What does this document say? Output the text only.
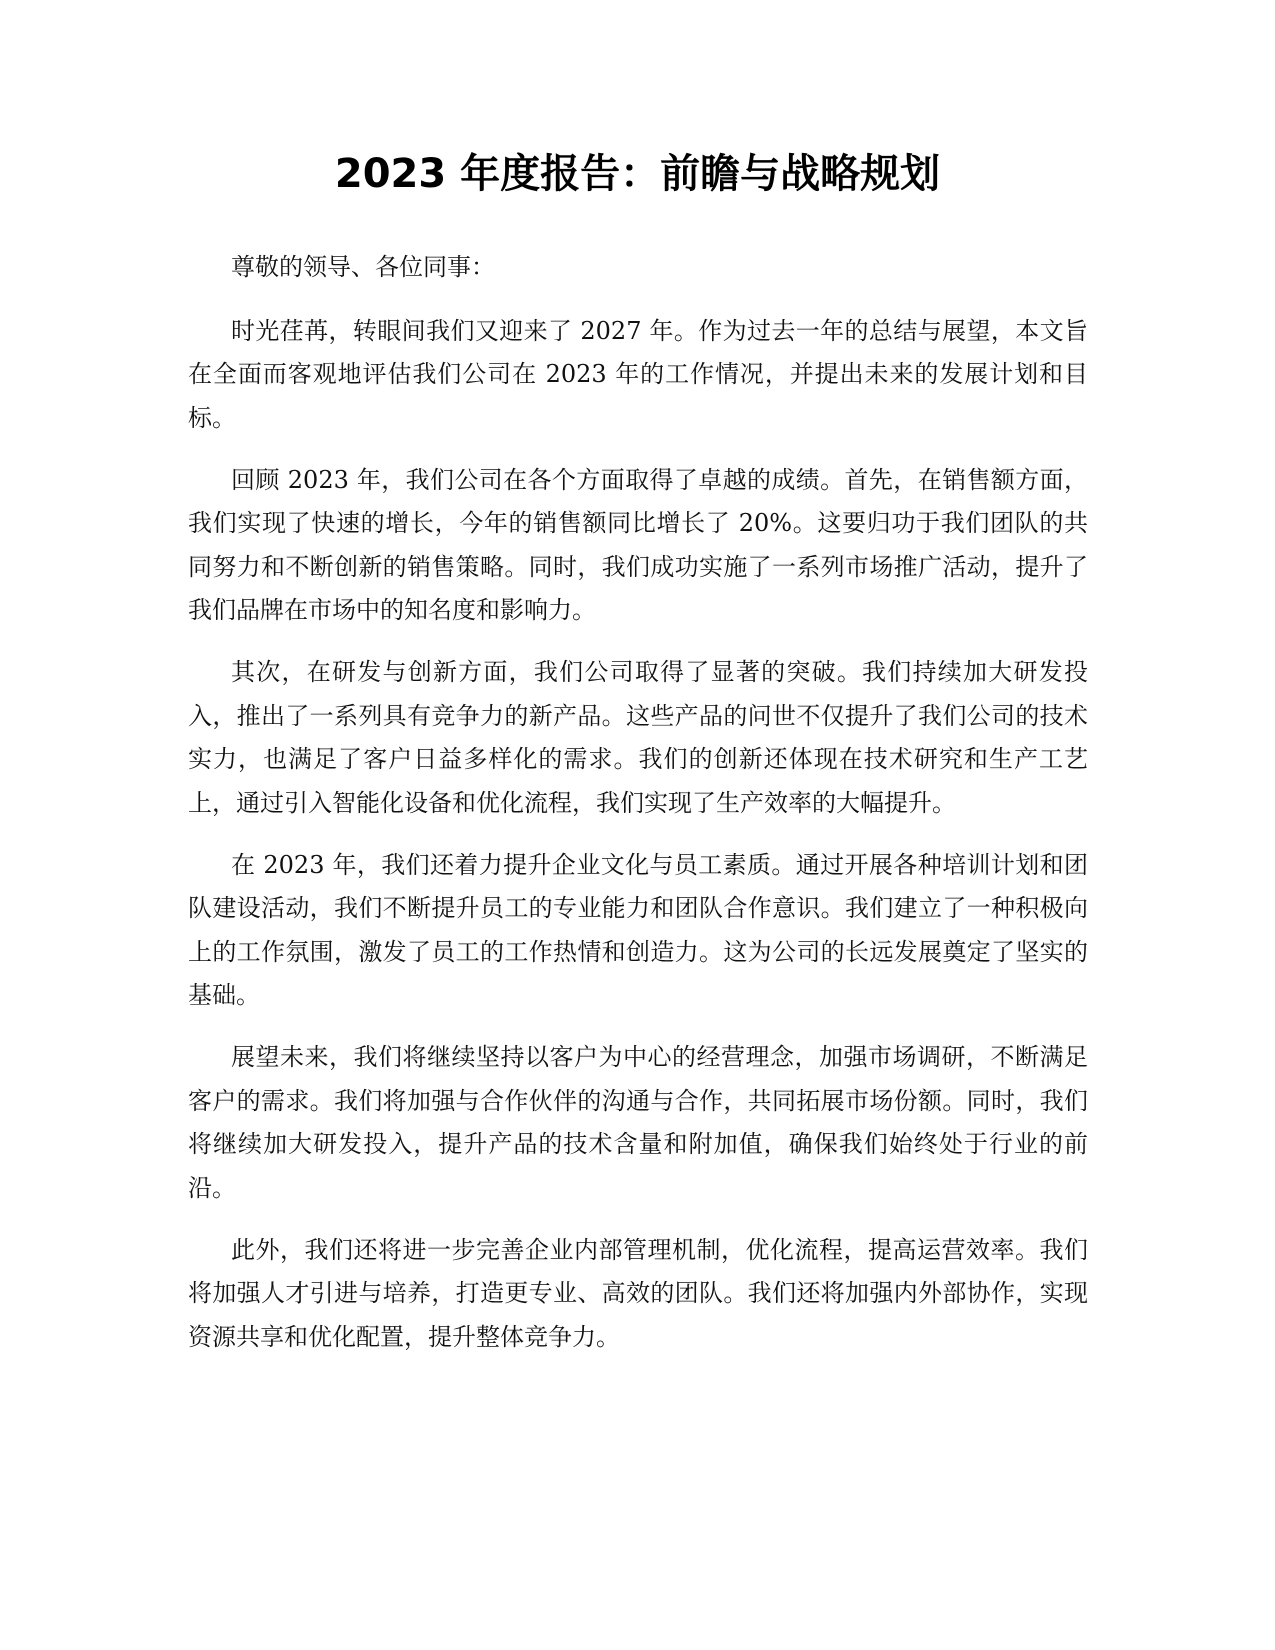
2023 年度报告：前瞻与战略规划

尊敬的领导、各位同事：

时光荏苒，转眼间我们又迎来了 2027 年。作为过去一年的总结与展望，本文旨在全面而客观地评估我们公司在 2023 年的工作情况，并提出未来的发展计划和目标。

回顾 2023 年，我们公司在各个方面取得了卓越的成绩。首先，在销售额方面，我们实现了快速的增长，今年的销售额同比增长了 20%。这要归功于我们团队的共同努力和不断创新的销售策略。同时，我们成功实施了一系列市场推广活动，提升了我们品牌在市场中的知名度和影响力。

其次，在研发与创新方面，我们公司取得了显著的突破。我们持续加大研发投入，推出了一系列具有竞争力的新产品。这些产品的问世不仅提升了我们公司的技术实力，也满足了客户日益多样化的需求。我们的创新还体现在技术研究和生产工艺上，通过引入智能化设备和优化流程，我们实现了生产效率的大幅提升。

在 2023 年，我们还着力提升企业文化与员工素质。通过开展各种培训计划和团队建设活动，我们不断提升员工的专业能力和团队合作意识。我们建立了一种积极向上的工作氛围，激发了员工的工作热情和创造力。这为公司的长远发展奠定了坚实的基础。

展望未来，我们将继续坚持以客户为中心的经营理念，加强市场调研，不断满足客户的需求。我们将加强与合作伙伴的沟通与合作，共同拓展市场份额。同时，我们将继续加大研发投入，提升产品的技术含量和附加值，确保我们始终处于行业的前沿。

此外，我们还将进一步完善企业内部管理机制，优化流程，提高运营效率。我们将加强人才引进与培养，打造更专业、高效的团队。我们还将加强内外部协作，实现资源共享和优化配置，提升整体竞争力。
